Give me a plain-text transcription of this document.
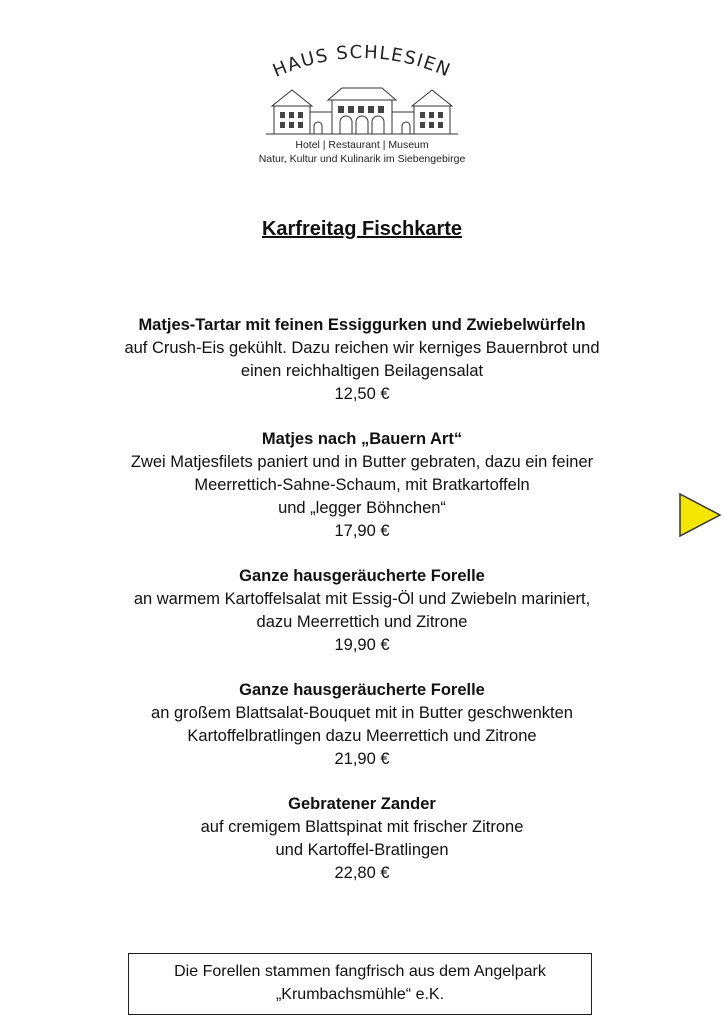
HAUS SCHLESIEN
Hotel | Restaurant | Museum
Natur, Kultur und Kulinarik im Siebengebirge
Karfreitag Fischkarte
Matjes-Tartar mit feinen Essiggurken und Zwiebelwürfeln
auf Crush-Eis gekühlt. Dazu reichen wir kerniges Bauernbrot und
einen reichhaltigen Beilagensalat
12,50 €
Matjes nach „Bauern Art“
Zwei Matjesfilets paniert und in Butter gebraten, dazu ein feiner
Meerrettich-Sahne-Schaum, mit Bratkartoffeln
und „legger Böhnchen“
17,90 €
Ganze hausgeräucherte Forelle
an warmem Kartoffelsalat mit Essig-Öl und Zwiebeln mariniert,
dazu Meerrettich und Zitrone
19,90 €
Ganze hausgeräucherte Forelle
an großem Blattsalat-Bouquet mit in Butter geschwenkten
Kartoffelbratlingen dazu Meerrettich und Zitrone
21,90 €
Gebratener Zander
auf cremigem Blattspinat mit frischer Zitrone
und Kartoffel-Bratlingen
22,80 €
Die Forellen stammen fangfrisch aus dem Angelpark
„Krumbachsmühle“ e.K.
